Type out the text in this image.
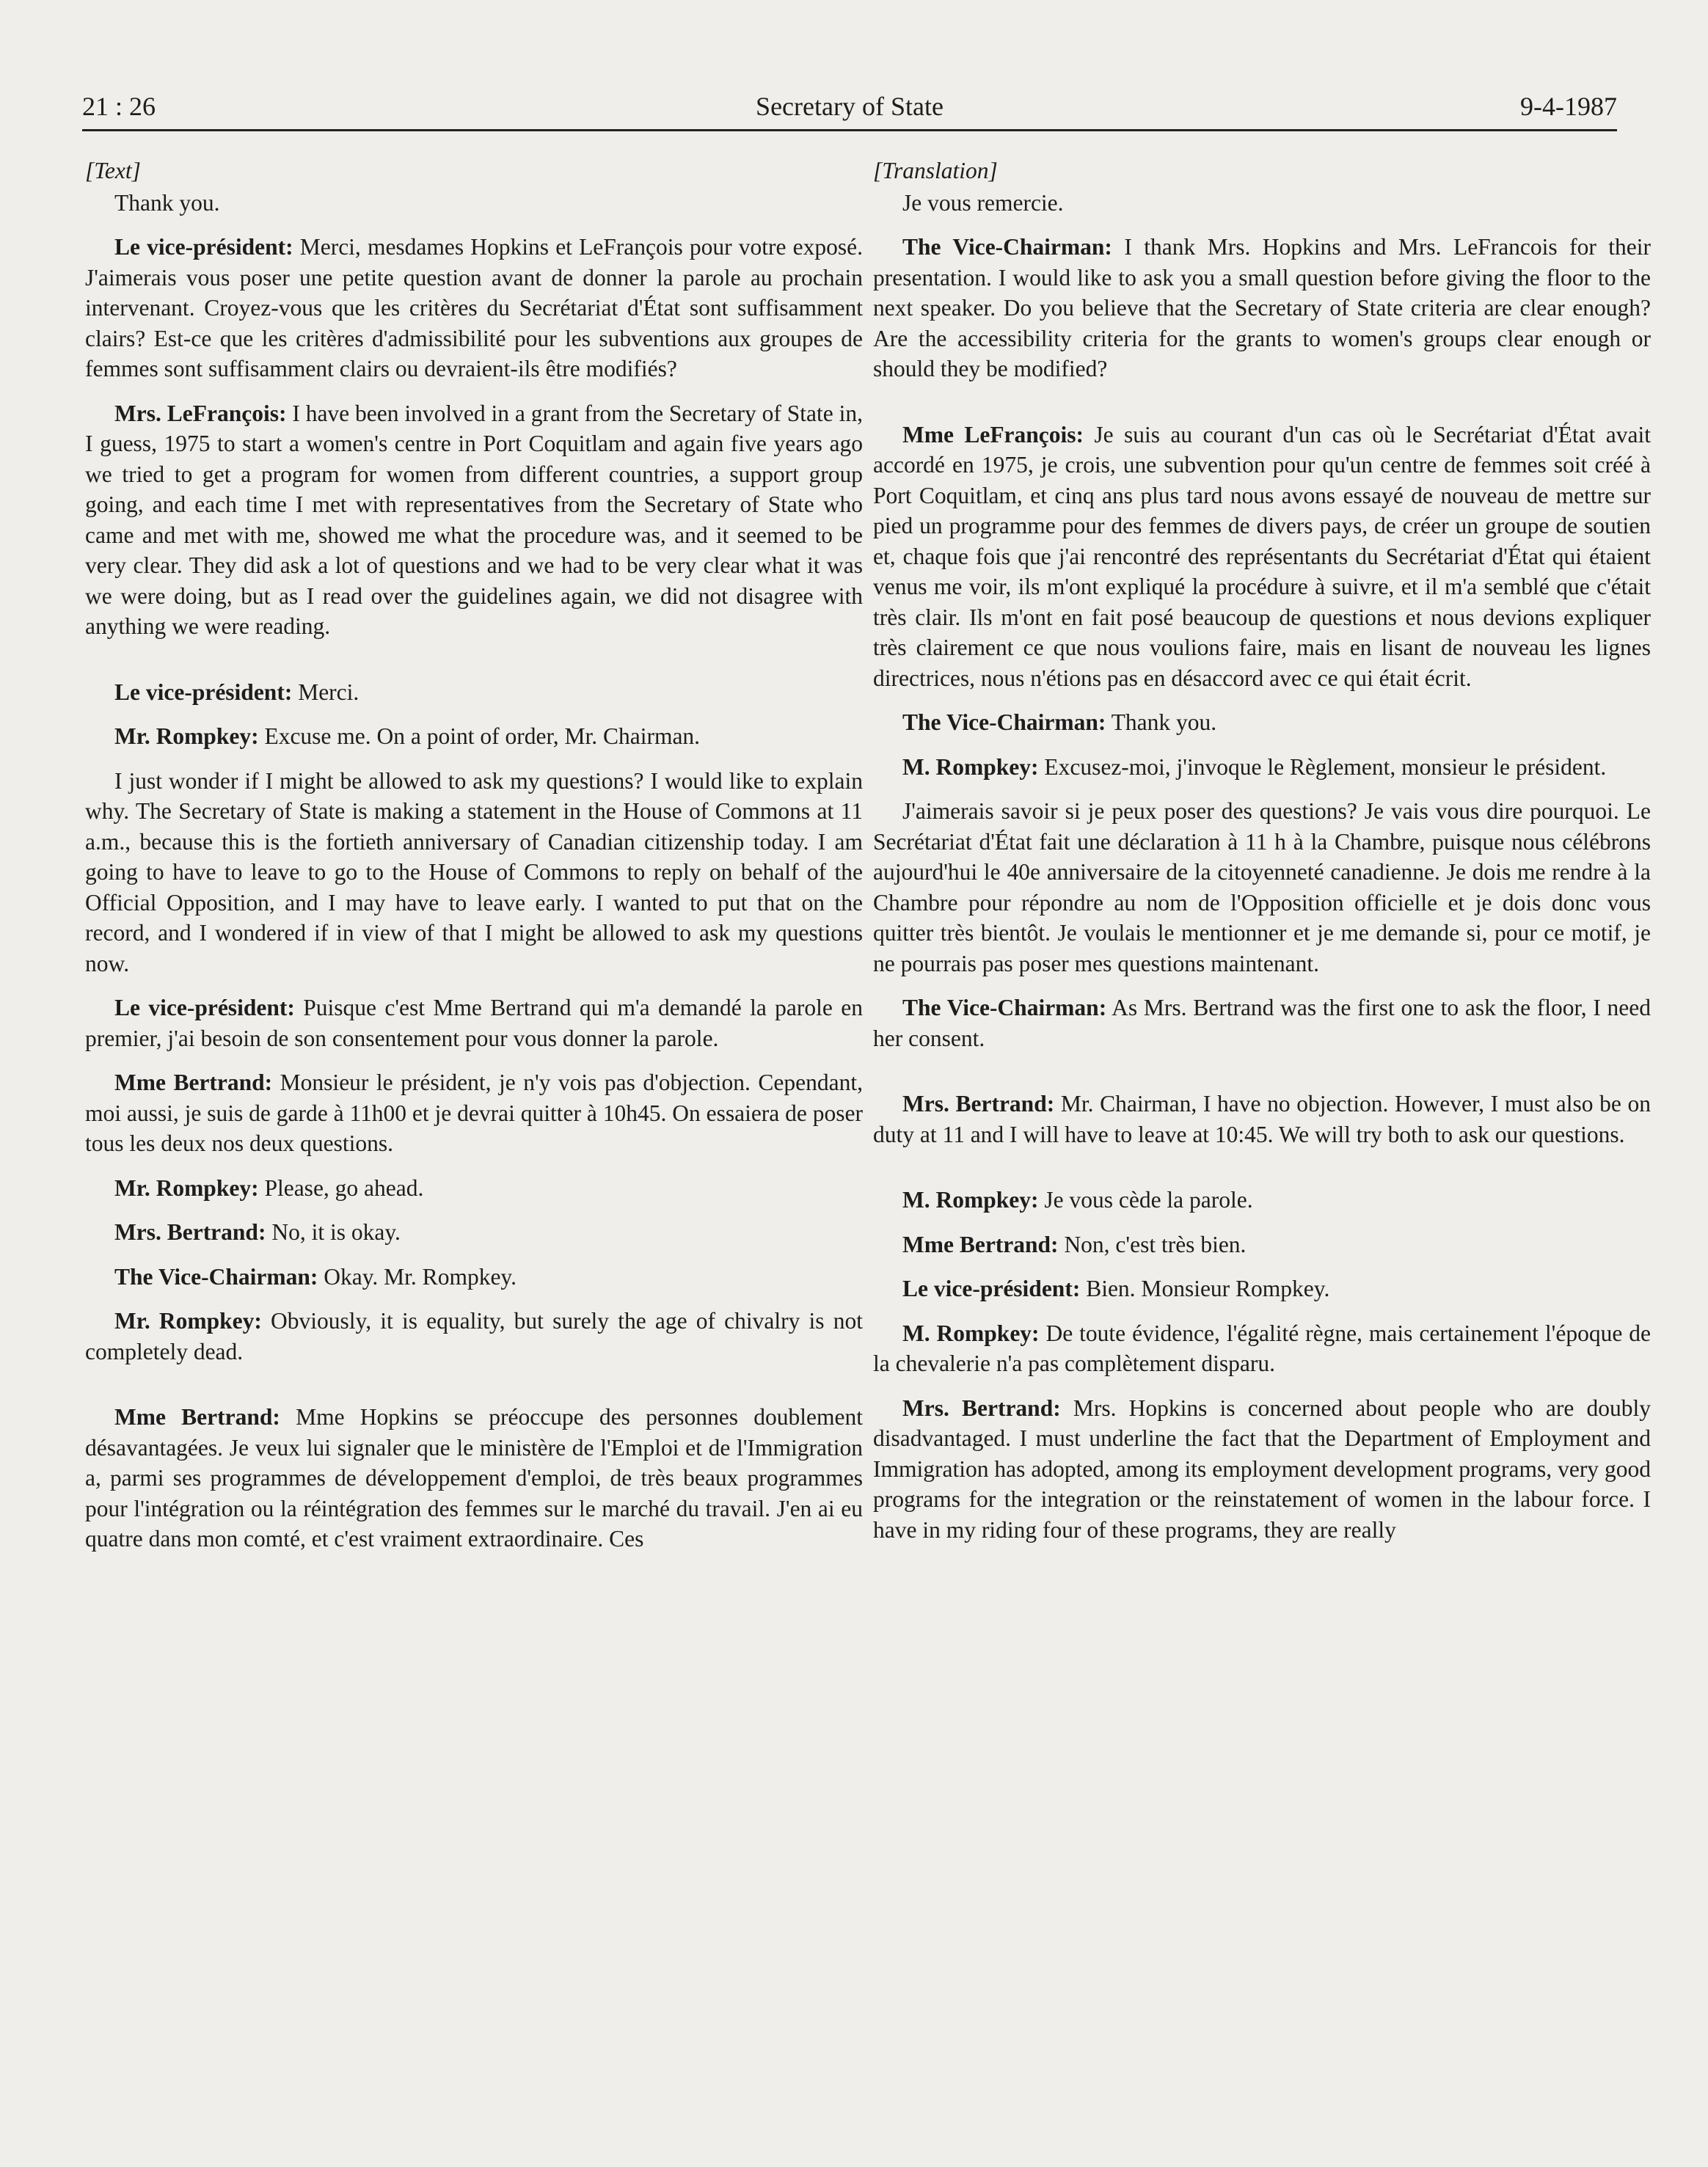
21 : 26	Secretary of State	9-4-1987

[Text]

Thank you.

Le vice-président: Merci, mesdames Hopkins et LeFrançois pour votre exposé. J'aimerais vous poser une petite question avant de donner la parole au prochain intervenant. Croyez-vous que les critères du Secrétariat d'État sont suffisamment clairs? Est-ce que les critères d'admissibilité pour les subventions aux groupes de femmes sont suffisamment clairs ou devraient-ils être modifiés?

Mrs. LeFrançois: I have been involved in a grant from the Secretary of State in, I guess, 1975 to start a women's centre in Port Coquitlam and again five years ago we tried to get a program for women from different countries, a support group going, and each time I met with representatives from the Secretary of State who came and met with me, showed me what the procedure was, and it seemed to be very clear. They did ask a lot of questions and we had to be very clear what it was we were doing, but as I read over the guidelines again, we did not disagree with anything we were reading.

Le vice-président: Merci.

Mr. Rompkey: Excuse me. On a point of order, Mr. Chairman.

I just wonder if I might be allowed to ask my questions? I would like to explain why. The Secretary of State is making a statement in the House of Commons at 11 a.m., because this is the fortieth anniversary of Canadian citizenship today. I am going to have to leave to go to the House of Commons to reply on behalf of the Official Opposition, and I may have to leave early. I wanted to put that on the record, and I wondered if in view of that I might be allowed to ask my questions now.

Le vice-président: Puisque c'est Mme Bertrand qui m'a demandé la parole en premier, j'ai besoin de son consentement pour vous donner la parole.

Mme Bertrand: Monsieur le président, je n'y vois pas d'objection. Cependant, moi aussi, je suis de garde à 11h00 et je devrai quitter à 10h45. On essaiera de poser tous les deux nos deux questions.

Mr. Rompkey: Please, go ahead.

Mrs. Bertrand: No, it is okay.

The Vice-Chairman: Okay. Mr. Rompkey.

Mr. Rompkey: Obviously, it is equality, but surely the age of chivalry is not completely dead.

Mme Bertrand: Mme Hopkins se préoccupe des personnes doublement désavantagées. Je veux lui signaler que le ministère de l'Emploi et de l'Immigration a, parmi ses programmes de développement d'emploi, de très beaux programmes pour l'intégration ou la réintégration des femmes sur le marché du travail. J'en ai eu quatre dans mon comté, et c'est vraiment extraordinaire. Ces

[Translation]

Je vous remercie.

The Vice-Chairman: I thank Mrs. Hopkins and Mrs. LeFrancois for their presentation. I would like to ask you a small question before giving the floor to the next speaker. Do you believe that the Secretary of State criteria are clear enough? Are the accessibility criteria for the grants to women's groups clear enough or should they be modified?

Mme LeFrançois: Je suis au courant d'un cas où le Secrétariat d'État avait accordé en 1975, je crois, une subvention pour qu'un centre de femmes soit créé à Port Coquitlam, et cinq ans plus tard nous avons essayé de nouveau de mettre sur pied un programme pour des femmes de divers pays, de créer un groupe de soutien et, chaque fois que j'ai rencontré des représentants du Secrétariat d'État qui étaient venus me voir, ils m'ont expliqué la procédure à suivre, et il m'a semblé que c'était très clair. Ils m'ont en fait posé beaucoup de questions et nous devions expliquer très clairement ce que nous voulions faire, mais en lisant de nouveau les lignes directrices, nous n'étions pas en désaccord avec ce qui était écrit.

The Vice-Chairman: Thank you.

M. Rompkey: Excusez-moi, j'invoque le Règlement, monsieur le président.

J'aimerais savoir si je peux poser des questions? Je vais vous dire pourquoi. Le Secrétariat d'État fait une déclaration à 11 h à la Chambre, puisque nous célébrons aujourd'hui le 40e anniversaire de la citoyenneté canadienne. Je dois me rendre à la Chambre pour répondre au nom de l'Opposition officielle et je dois donc vous quitter très bientôt. Je voulais le mentionner et je me demande si, pour ce motif, je ne pourrais pas poser mes questions maintenant.

The Vice-Chairman: As Mrs. Bertrand was the first one to ask the floor, I need her consent.

Mrs. Bertrand: Mr. Chairman, I have no objection. However, I must also be on duty at 11 and I will have to leave at 10:45. We will try both to ask our questions.

M. Rompkey: Je vous cède la parole.

Mme Bertrand: Non, c'est très bien.

Le vice-président: Bien. Monsieur Rompkey.

M. Rompkey: De toute évidence, l'égalité règne, mais certainement l'époque de la chevalerie n'a pas complètement disparu.

Mrs. Bertrand: Mrs. Hopkins is concerned about people who are doubly disadvantaged. I must underline the fact that the Department of Employment and Immigration has adopted, among its employment development programs, very good programs for the integration or the reinstatement of women in the labour force. I have in my riding four of these programs, they are really
